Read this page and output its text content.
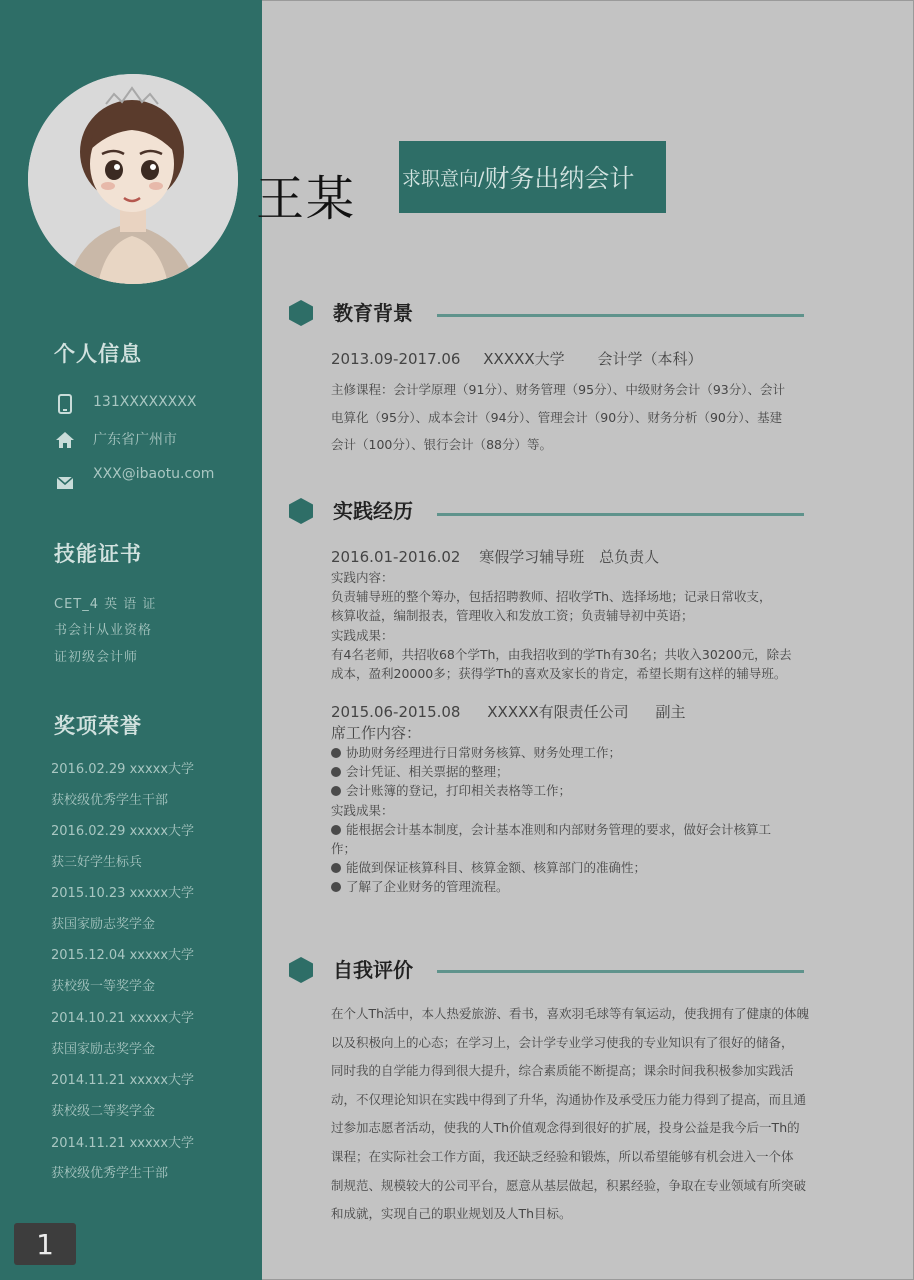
个人信息
131XXXXXXXX
广东省广州市
XXX@ibaotu.com
技能证书
CET_4 英 语 证
书会计从业资格
证初级会计师
奖项荣誉
2016.02.29 xxxxx大学
获校级优秀学生干部
2016.02.29 xxxxx大学
获三好学生标兵
2015.10.23 xxxxx大学
获国家励志奖学金
2015.12.04 xxxxx大学
获校级一等奖学金
2014.10.21 xxxxx大学
获国家励志奖学金
2014.11.21 xxxxx大学
获校级二等奖学金
2014.11.21 xxxxx大学
获校级优秀学生干部
1
王某 求职意向/ 财务出纳会计
教育背景
2013.09-2017.06 XXXXX大学 会计学（本科）

主修课程：会计学原理（91分）、财务管理（95分）、中级财务会计（93分）、会计

电算化（95分）、成本会计（94分）、管理会计（90分）、财务分析（90分）、基建

会计（100分）、银行会计（88分）等。

实践经历
2016.01-2016.02 寒假学习辅导班 总负责人

实践内容：

负责辅导班的整个筹办，包括招聘教师、招收学Th、选择场地；记录日常收支，

核算收益，编制报表，管理收入和发放工资；负责辅导初中英语；

实践成果：

有4名老师，共招收68个学Th，由我招收到的学Th有30名；共收入30200元，除去

成本，盈利20000多；获得学Th的喜欢及家长的肯定，希望长期有这样的辅导班。

2015.06-2015.08 XXXXX有限责任公司 副主
席工作内容：

协助财务经理进行日常财务核算、财务处理工作；

会计凭证、相关票据的整理；

会计账簿的登记，打印相关表格等工作；

实践成果：

能根据会计基本制度，会计基本准则和内部财务管理的要求，做好会计核算工

作；

能做到保证核算科目、核算金额、核算部门的准确性；

了解了企业财务的管理流程。

自我评价

在个人Th活中，本人热爱旅游、看书，喜欢羽毛球等有氧运动，使我拥有了健康的体魄

以及积极向上的心态；在学习上，会计学专业学习使我的专业知识有了很好的储备，

同时我的自学能力得到很大提升，综合素质能不断提高；课余时间我积极参加实践活

动，不仅理论知识在实践中得到了升华，沟通协作及承受压力能力得到了提高，而且通

过参加志愿者活动，使我的人Th价值观念得到很好的扩展，投身公益是我今后一Th的

课程；在实际社会工作方面，我还缺乏经验和锻炼，所以希望能够有机会进入一个体

制规范、规模较大的公司平台，愿意从基层做起，积累经验，争取在专业领域有所突破

和成就，实现自己的职业规划及人Th目标。
